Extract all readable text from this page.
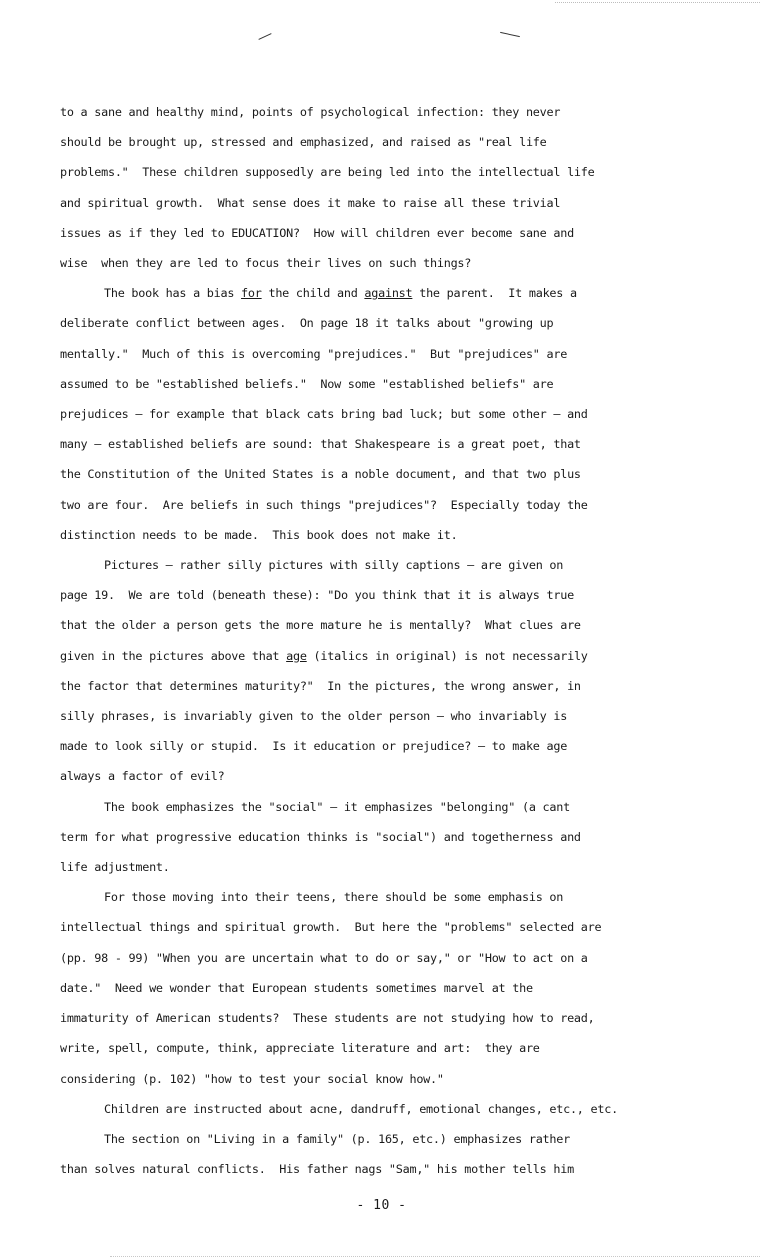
to a sane and healthy mind, points of psychological infection: they never
should be brought up, stressed and emphasized, and raised as "real life
problems."  These children supposedly are being led into the intellectual life
and spiritual growth.  What sense does it make to raise all these trivial
issues as if they led to EDUCATION?  How will children ever become sane and
wise  when they are led to focus their lives on such things?

The book has a bias for the child and against the parent.  It makes a
deliberate conflict between ages.  On page 18 it talks about "growing up
mentally."  Much of this is overcoming "prejudices."  But "prejudices" are
assumed to be "established beliefs."  Now some "established beliefs" are
prejudices — for example that black cats bring bad luck; but some other — and
many — established beliefs are sound: that Shakespeare is a great poet, that
the Constitution of the United States is a noble document, and that two plus
two are four.  Are beliefs in such things "prejudices"?  Especially today the
distinction needs to be made.  This book does not make it.

Pictures — rather silly pictures with silly captions — are given on
page 19.  We are told (beneath these): "Do you think that it is always true
that the older a person gets the more mature he is mentally?  What clues are
given in the pictures above that age (italics in original) is not necessarily
the factor that determines maturity?"  In the pictures, the wrong answer, in
silly phrases, is invariably given to the older person — who invariably is
made to look silly or stupid.  Is it education or prejudice? — to make age
always a factor of evil?

The book emphasizes the "social" — it emphasizes "belonging" (a cant
term for what progressive education thinks is "social") and togetherness and
life adjustment.

For those moving into their teens, there should be some emphasis on
intellectual things and spiritual growth.  But here the "problems" selected are
(pp. 98 - 99) "When you are uncertain what to do or say," or "How to act on a
date."  Need we wonder that European students sometimes marvel at the
immaturity of American students?  These students are not studying how to read,
write, spell, compute, think, appreciate literature and art:  they are
considering (p. 102) "how to test your social know how."

Children are instructed about acne, dandruff, emotional changes, etc., etc.

The section on "Living in a family" (p. 165, etc.) emphasizes rather
than solves natural conflicts.  His father nags "Sam," his mother tells him

- 10 -
